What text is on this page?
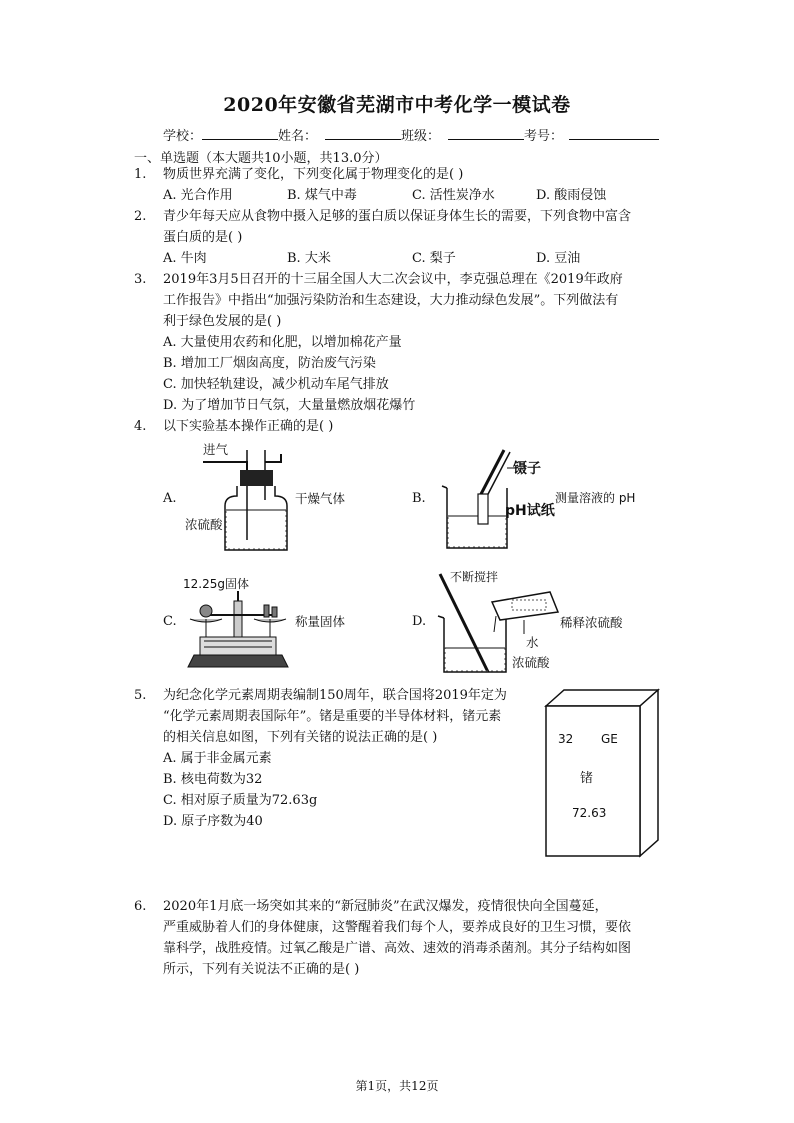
2020年安徽省芜湖市中考化学一模试卷
学校：	姓名：	班级：	考号：
一、单选题（本大题共10小题，共13.0分）
1. 物质世界充满了变化，下列变化属于物理变化的是( )
A. 光合作用	B. 煤气中毒	C. 活性炭净水	D. 酸雨侵蚀
2. 青少年每天应从食物中摄入足够的蛋白质以保证身体生长的需要，下列食物中富含
蛋白质的是( )
A. 牛肉	B. 大米	C. 梨子	D. 豆油
3. 2019年3月5日召开的十三届全国人大二次会议中，李克强总理在《2019年政府
工作报告》中指出“加强污染防治和生态建设，大力推动绿色发展”。下列做法有
利于绿色发展的是( )
A. 大量使用农药和化肥，以增加棉花产量
B. 增加工厂烟囱高度，防治废气污染
C. 加快轻轨建设，减少机动车尾气排放
D. 为了增加节日气氛，大量量燃放烟花爆竹
4. 以下实验基本操作正确的是( )
A.
进气
浓硫酸
干燥气体	B.
镊子
pH试纸
测量溶液的 pH
C.
12.25g固体
称量固体	D.
不断搅拌
稀释浓硫酸
水
浓硫酸
5. 为纪念化学元素周期表编制150周年，联合国将2019年定为
“化学元素周期表国际年”。锗是重要的半导体材料，锗元素
的相关信息如图，下列有关锗的说法正确的是( )
A. 属于非金属元素
B. 核电荷数为32
C. 相对原子质量为72.63g
D. 原子序数为40
32 GE
锗
72.63
6. 2020年1月底一场突如其来的“新冠肺炎”在武汉爆发，疫情很快向全国蔓延，
严重威胁着人们的身体健康，这警醒着我们每个人，要养成良好的卫生习惯，要依
靠科学，战胜疫情。过氧乙酸是广谱、高效、速效的消毒杀菌剂。其分子结构如图
所示，下列有关说法不正确的是( )
第1页，共12页
